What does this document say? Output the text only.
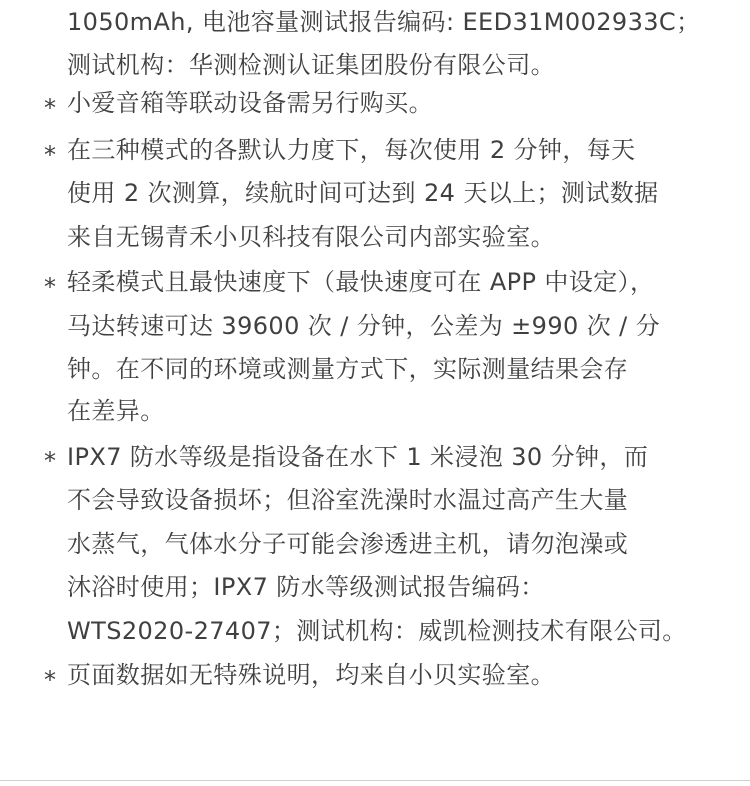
1050mAh, 电池容量测试报告编码: EED31M002933C；
测试机构：华测检测认证集团股份有限公司。
* 小爱音箱等联动设备需另行购买。
* 在三种模式的各默认力度下，每次使用 2 分钟，每天
使用 2 次测算，续航时间可达到 24 天以上；测试数据
来自无锡青禾小贝科技有限公司内部实验室。
* 轻柔模式且最快速度下（最快速度可在 APP 中设定），
马达转速可达 39600 次 / 分钟，公差为 ±990 次 / 分
钟。在不同的环境或测量方式下，实际测量结果会存
在差异。
* IPX7 防水等级是指设备在水下 1 米浸泡 30 分钟，而
不会导致设备损坏；但浴室洗澡时水温过高产生大量
水蒸气，气体水分子可能会渗透进主机，请勿泡澡或
沐浴时使用；IPX7 防水等级测试报告编码：
WTS2020-27407；测试机构：威凯检测技术有限公司。
* 页面数据如无特殊说明，均来自小贝实验室。
